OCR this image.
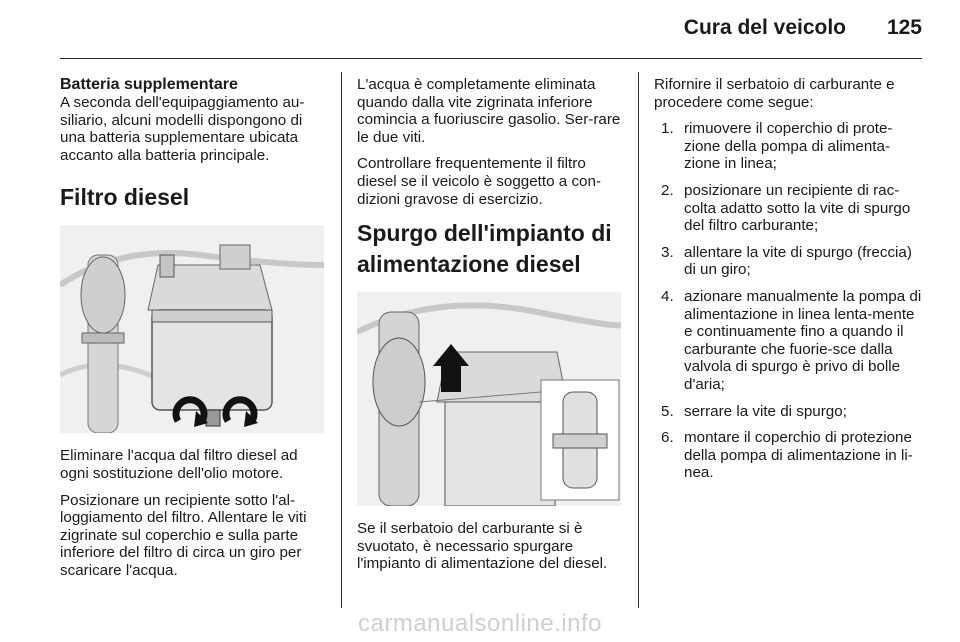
Cura del veicolo	125
Batteria supplementare

A seconda dell'equipaggiamento au-siliario, alcuni modelli dispongono di una batteria supplementare ubicata accanto alla batteria principale.

Filtro diesel

Eliminare l'acqua dal filtro diesel ad ogni sostituzione dell'olio motore.

Posizionare un recipiente sotto l'al-loggiamento del filtro. Allentare le viti zigrinate sul coperchio e sulla parte inferiore del filtro di circa un giro per scaricare l'acqua.

L'acqua è completamente eliminata quando dalla vite zigrinata inferiore comincia a fuoriuscire gasolio. Ser-rare le due viti.

Controllare frequentemente il filtro diesel se il veicolo è soggetto a con-dizioni gravose di esercizio.

Spurgo dell'impianto di alimentazione diesel

Se il serbatoio del carburante si è svuotato, è necessario spurgare l'impianto di alimentazione del diesel.

Rifornire il serbatoio di carburante e procedere come segue:

1. rimuovere il coperchio di prote-zione della pompa di alimenta-zione in linea;
2. posizionare un recipiente di rac-colta adatto sotto la vite di spurgo del filtro carburante;
3. allentare la vite di spurgo (freccia) di un giro;
4. azionare manualmente la pompa di alimentazione in linea lenta-mente e continuamente fino a quando il carburante che fuorie-sce dalla valvola di spurgo è privo di bolle d'aria;
5. serrare la vite di spurgo;
6. montare il coperchio di protezione della pompa di alimentazione in li-nea.
carmanualsonline.info
